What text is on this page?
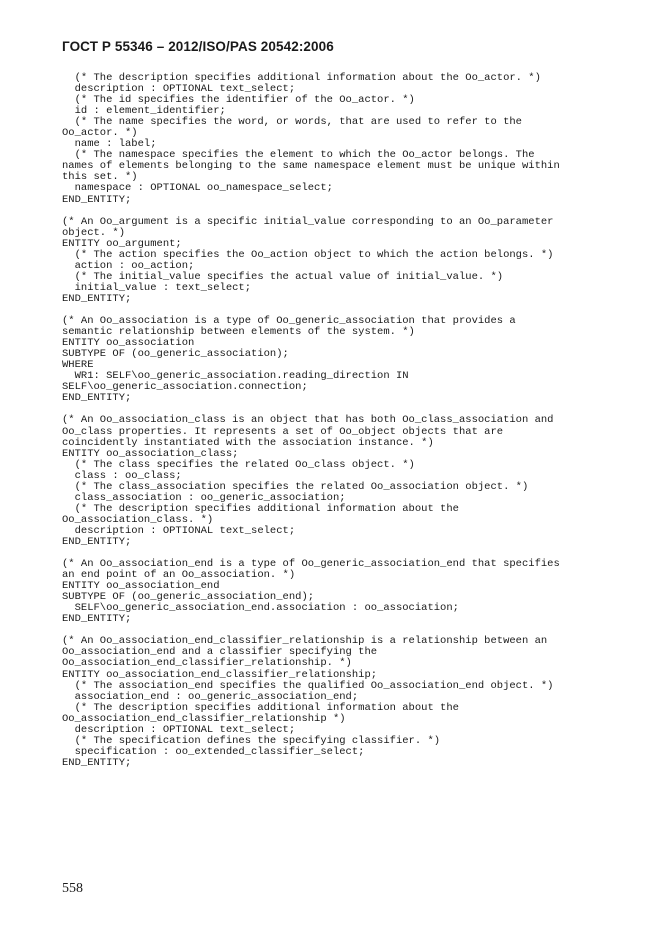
ГОСТ Р 55346 – 2012/ISO/PAS 20542:2006
(* The description specifies additional information about the Oo_actor. *)
description : OPTIONAL text_select;
(* The id specifies the identifier of the Oo_actor. *)
id : element_identifier;
(* The name specifies the word, or words, that are used to refer to the
Oo_actor. *)
name : label;
(* The namespace specifies the element to which the Oo_actor belongs. The
names of elements belonging to the same namespace element must be unique within
this set. *)
namespace : OPTIONAL oo_namespace_select;
END_ENTITY;
(* An Oo_argument is a specific initial_value corresponding to an Oo_parameter
object. *)
ENTITY oo_argument;
(* The action specifies the Oo_action object to which the action belongs. *)
action : oo_action;
(* The initial_value specifies the actual value of initial_value. *)
initial_value : text_select;
END_ENTITY;
(* An Oo_association is a type of Oo_generic_association that provides a
semantic relationship between elements of the system. *)
ENTITY oo_association
SUBTYPE OF (oo_generic_association);
WHERE
WR1: SELF\oo_generic_association.reading_direction IN
SELF\oo_generic_association.connection;
END_ENTITY;
(* An Oo_association_class is an object that has both Oo_class_association and
Oo_class properties. It represents a set of Oo_object objects that are
coincidently instantiated with the association instance. *)
ENTITY oo_association_class;
(* The class specifies the related Oo_class object. *)
class : oo_class;
(* The class_association specifies the related Oo_association object. *)
class_association : oo_generic_association;
(* The description specifies additional information about the
Oo_association_class. *)
description : OPTIONAL text_select;
END_ENTITY;
(* An Oo_association_end is a type of Oo_generic_association_end that specifies
an end point of an Oo_association. *)
ENTITY oo_association_end
SUBTYPE OF (oo_generic_association_end);
SELF\oo_generic_association_end.association : oo_association;
END_ENTITY;
(* An Oo_association_end_classifier_relationship is a relationship between an
Oo_association_end and a classifier specifying the
Oo_association_end_classifier_relationship. *)
ENTITY oo_association_end_classifier_relationship;
(* The association_end specifies the qualified Oo_association_end object. *)
association_end : oo_generic_association_end;
(* The description specifies additional information about the
Oo_association_end_classifier_relationship *)
description : OPTIONAL text_select;
(* The specification defines the specifying classifier. *)
specification : oo_extended_classifier_select;
END_ENTITY;
558
